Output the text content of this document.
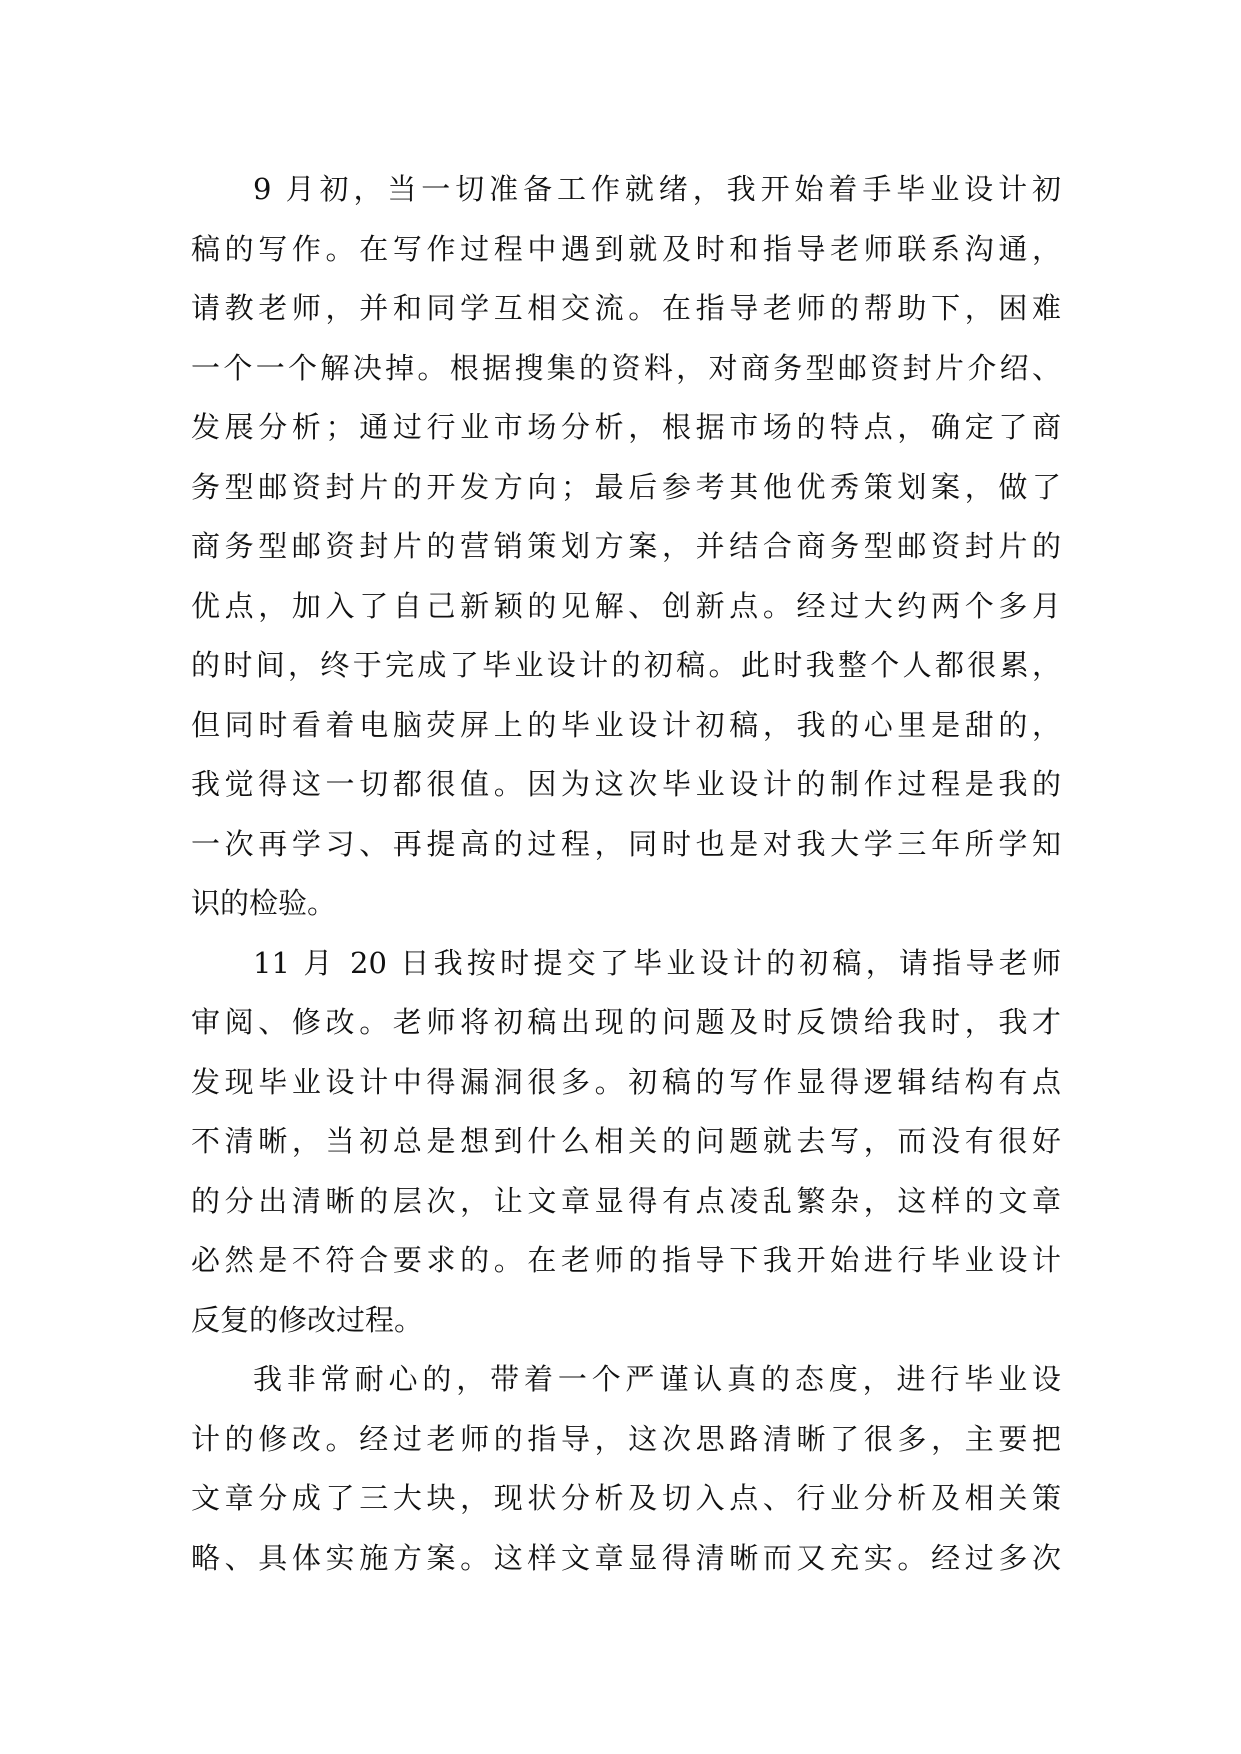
9 月初，当一切准备工作就绪，我开始着手毕业设计初
稿的写作。在写作过程中遇到就及时和指导老师联系沟通，
请教老师，并和同学互相交流。在指导老师的帮助下，困难
一个一个解决掉。根据搜集的资料，对商务型邮资封片介绍、
发展分析；通过行业市场分析，根据市场的特点，确定了商
务型邮资封片的开发方向；最后参考其他优秀策划案，做了
商务型邮资封片的营销策划方案，并结合商务型邮资封片的
优点，加入了自己新颖的见解、创新点。经过大约两个多月
的时间，终于完成了毕业设计的初稿。此时我整个人都很累，
但同时看着电脑荧屏上的毕业设计初稿，我的心里是甜的，
我觉得这一切都很值。因为这次毕业设计的制作过程是我的
一次再学习、再提高的过程，同时也是对我大学三年所学知
识的检验。
11 月 20 日我按时提交了毕业设计的初稿，请指导老师
审阅、修改。老师将初稿出现的问题及时反馈给我时，我才
发现毕业设计中得漏洞很多。初稿的写作显得逻辑结构有点
不清晰，当初总是想到什么相关的问题就去写，而没有很好
的分出清晰的层次，让文章显得有点凌乱繁杂，这样的文章
必然是不符合要求的。在老师的指导下我开始进行毕业设计
反复的修改过程。
我非常耐心的，带着一个严谨认真的态度，进行毕业设
计的修改。经过老师的指导，这次思路清晰了很多，主要把
文章分成了三大块，现状分析及切入点、行业分析及相关策
略、具体实施方案。这样文章显得清晰而又充实。经过多次
